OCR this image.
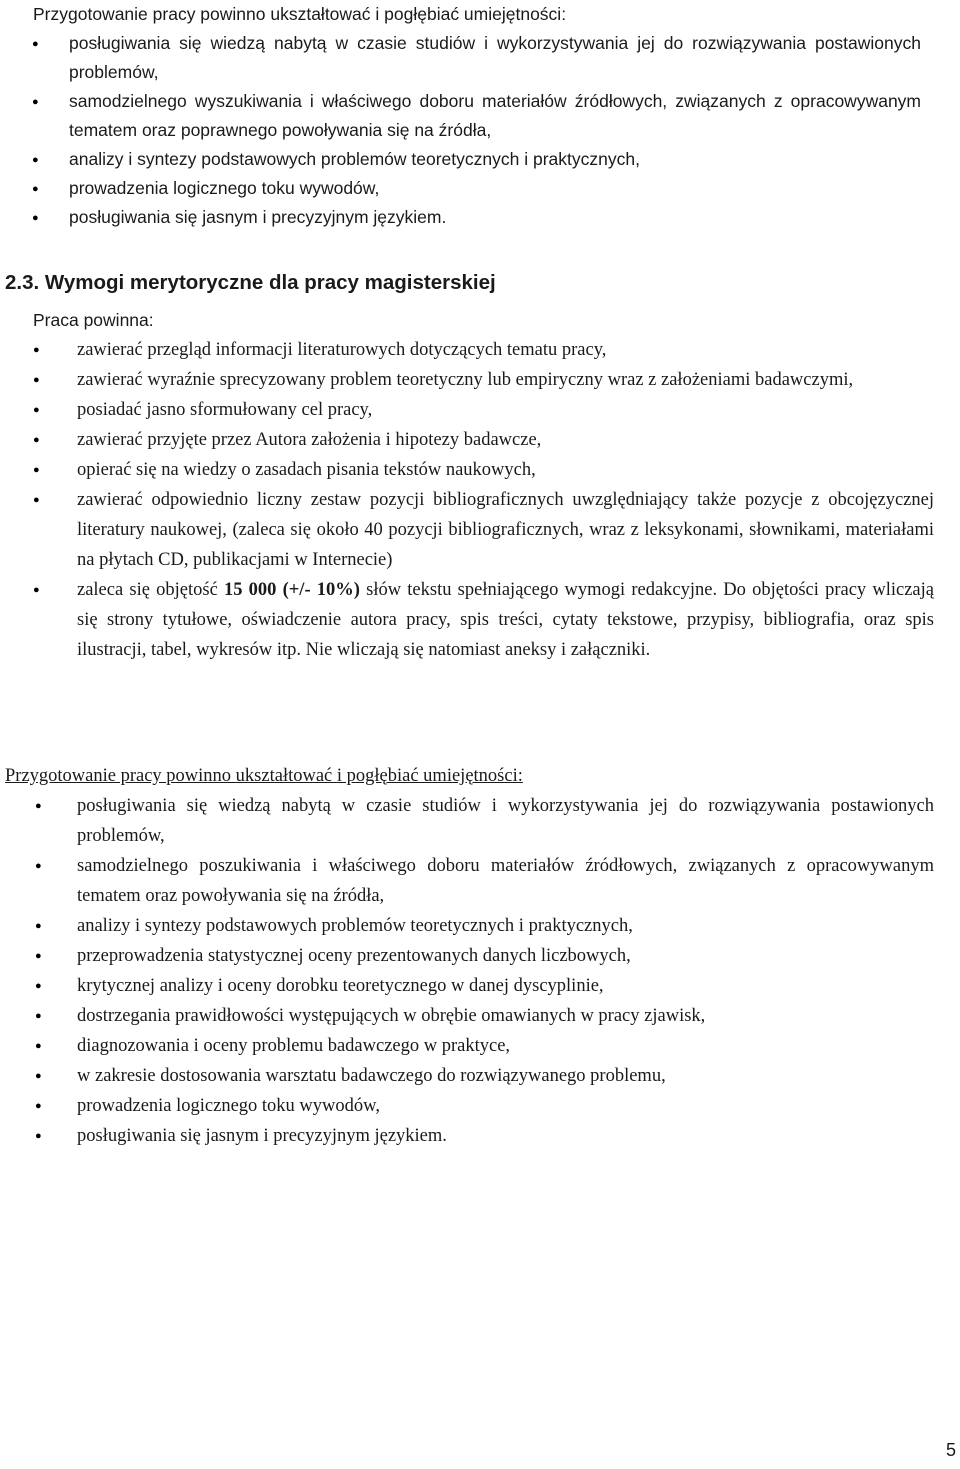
Przygotowanie pracy powinno ukształtować i pogłębiać umiejętności:
● posługiwania się wiedzą nabytą w czasie studiów i wykorzystywania jej do rozwiązywania postawionych problemów,
● samodzielnego wyszukiwania i właściwego doboru materiałów źródłowych, związanych z opracowywanym tematem oraz poprawnego powoływania się na źródła,
● analizy i syntezy podstawowych problemów teoretycznych i praktycznych,
● prowadzenia logicznego toku wywodów,
● posługiwania się jasnym i precyzyjnym językiem.
2.3. Wymogi merytoryczne dla pracy magisterskiej
Praca powinna:
● zawierać przegląd informacji literaturowych dotyczących tematu pracy,
● zawierać wyraźnie sprecyzowany problem teoretyczny lub empiryczny wraz z założeniami badawczymi,
● posiadać jasno sformułowany cel pracy,
● zawierać przyjęte przez Autora założenia i hipotezy badawcze,
● opierać się na wiedzy o zasadach pisania tekstów naukowych,
● zawierać odpowiednio liczny zestaw pozycji bibliograficznych uwzględniający także pozycje z obcojęzycznej literatury naukowej, (zaleca się około 40 pozycji bibliograficznych, wraz z leksykonami, słownikami, materiałami na płytach CD, publikacjami w Internecie)
● zaleca się objętość 15 000 (+/- 10%) słów tekstu spełniającego wymogi redakcyjne. Do objętości pracy wliczają się strony tytułowe, oświadczenie autora pracy, spis treści, cytaty tekstowe, przypisy, bibliografia, oraz spis ilustracji, tabel, wykresów itp. Nie wliczają się natomiast aneksy i załączniki.
Przygotowanie pracy powinno ukształtować i pogłębiać umiejętności:
● posługiwania się wiedzą nabytą w czasie studiów i wykorzystywania jej do rozwiązywania postawionych problemów,
● samodzielnego poszukiwania i właściwego doboru materiałów źródłowych, związanych z opracowywanym tematem oraz powoływania się na źródła,
● analizy i syntezy podstawowych problemów teoretycznych i praktycznych,
● przeprowadzenia statystycznej oceny prezentowanych danych liczbowych,
● krytycznej analizy i oceny dorobku teoretycznego w danej dyscyplinie,
● dostrzegania prawidłowości występujących w obrębie omawianych w pracy zjawisk,
● diagnozowania i oceny problemu badawczego w praktyce,
● w zakresie dostosowania warsztatu badawczego do rozwiązywanego problemu,
● prowadzenia logicznego toku wywodów,
● posługiwania się jasnym i precyzyjnym językiem.
5
